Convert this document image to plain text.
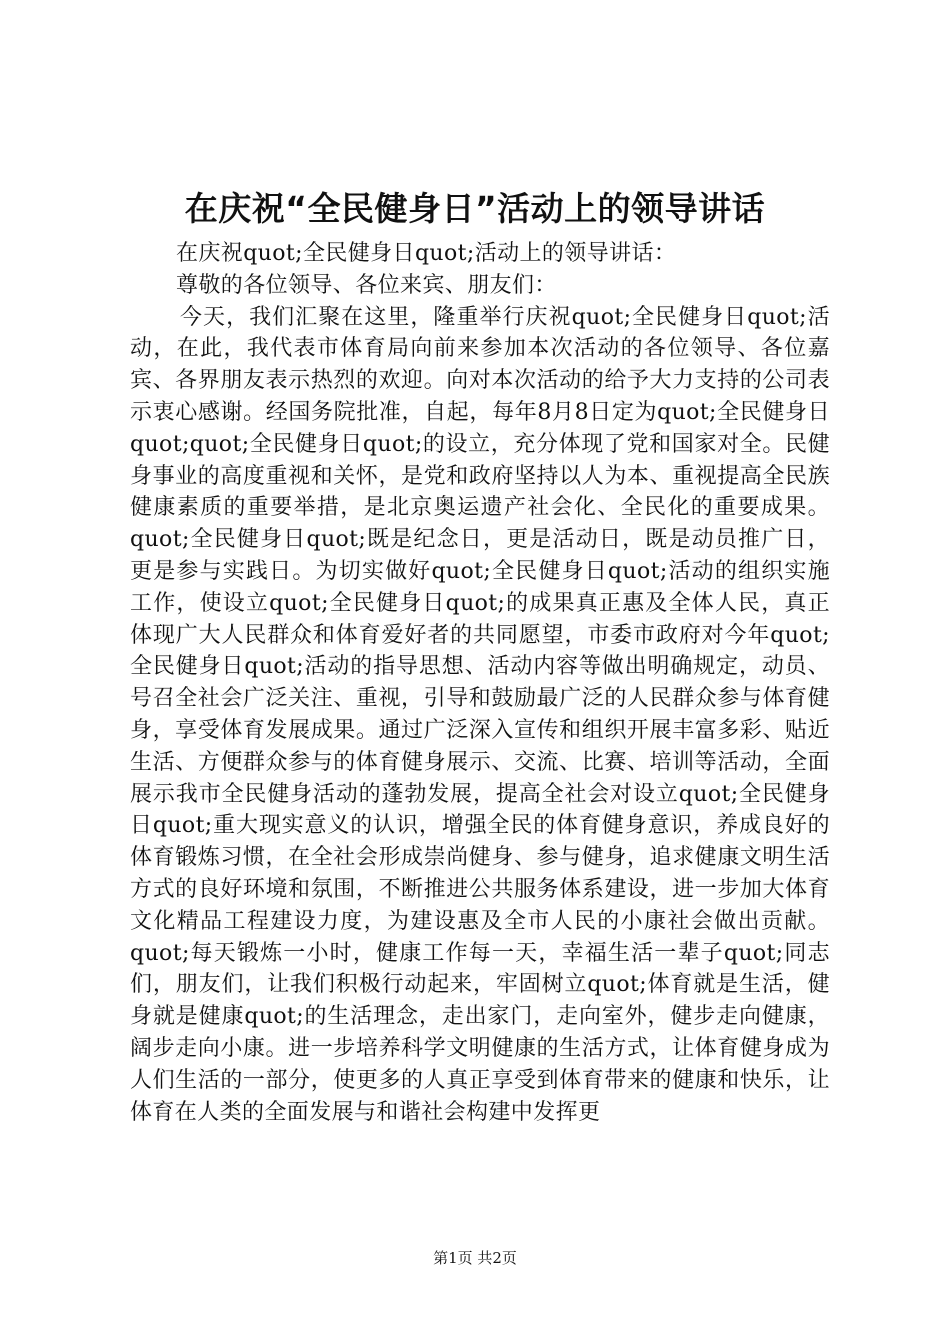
在庆祝“全民健身日”活动上的领导讲话

在庆祝quot;全民健身日quot;活动上的领导讲话：

尊敬的各位领导、各位来宾、朋友们：

今天，我们汇聚在这里，隆重举行庆祝quot;全民健身日quot;活动，在此，我代表市体育局向前来参加本次活动的各位领导、各位嘉宾、各界朋友表示热烈的欢迎。向对本次活动的给予大力支持的公司表示衷心感谢。经国务院批准，自起，每年8月8日定为quot;全民健身日quot;quot;全民健身日quot;的设立，充分体现了党和国家对全。民健身事业的高度重视和关怀，是党和政府坚持以人为本、重视提高全民族健康素质的重要举措，是北京奥运遗产社会化、全民化的重要成果。quot;全民健身日quot;既是纪念日，更是活动日，既是动员推广日，更是参与实践日。为切实做好quot;全民健身日quot;活动的组织实施工作，使设立quot;全民健身日quot;的成果真正惠及全体人民，真正体现广大人民群众和体育爱好者的共同愿望，市委市政府对今年quot;全民健身日quot;活动的指导思想、活动内容等做出明确规定，动员、号召全社会广泛关注、重视，引导和鼓励最广泛的人民群众参与体育健身，享受体育发展成果。通过广泛深入宣传和组织开展丰富多彩、贴近生活、方便群众参与的体育健身展示、交流、比赛、培训等活动，全面展示我市全民健身活动的蓬勃发展，提高全社会对设立quot;全民健身日quot;重大现实意义的认识，增强全民的体育健身意识，养成良好的体育锻炼习惯，在全社会形成崇尚健身、参与健身，追求健康文明生活方式的良好环境和氛围，不断推进公共服务体系建设，进一步加大体育文化精品工程建设力度，为建设惠及全市人民的小康社会做出贡献。quot;每天锻炼一小时，健康工作每一天，幸福生活一辈子quot;同志们，朋友们，让我们积极行动起来，牢固树立quot;体育就是生活，健身就是健康quot;的生活理念，走出家门，走向室外，健步走向健康，阔步走向小康。进一步培养科学文明健康的生活方式，让体育健身成为人们生活的一部分，使更多的人真正享受到体育带来的健康和快乐，让体育在人类的全面发展与和谐社会构建中发挥更

第1页 共2页
